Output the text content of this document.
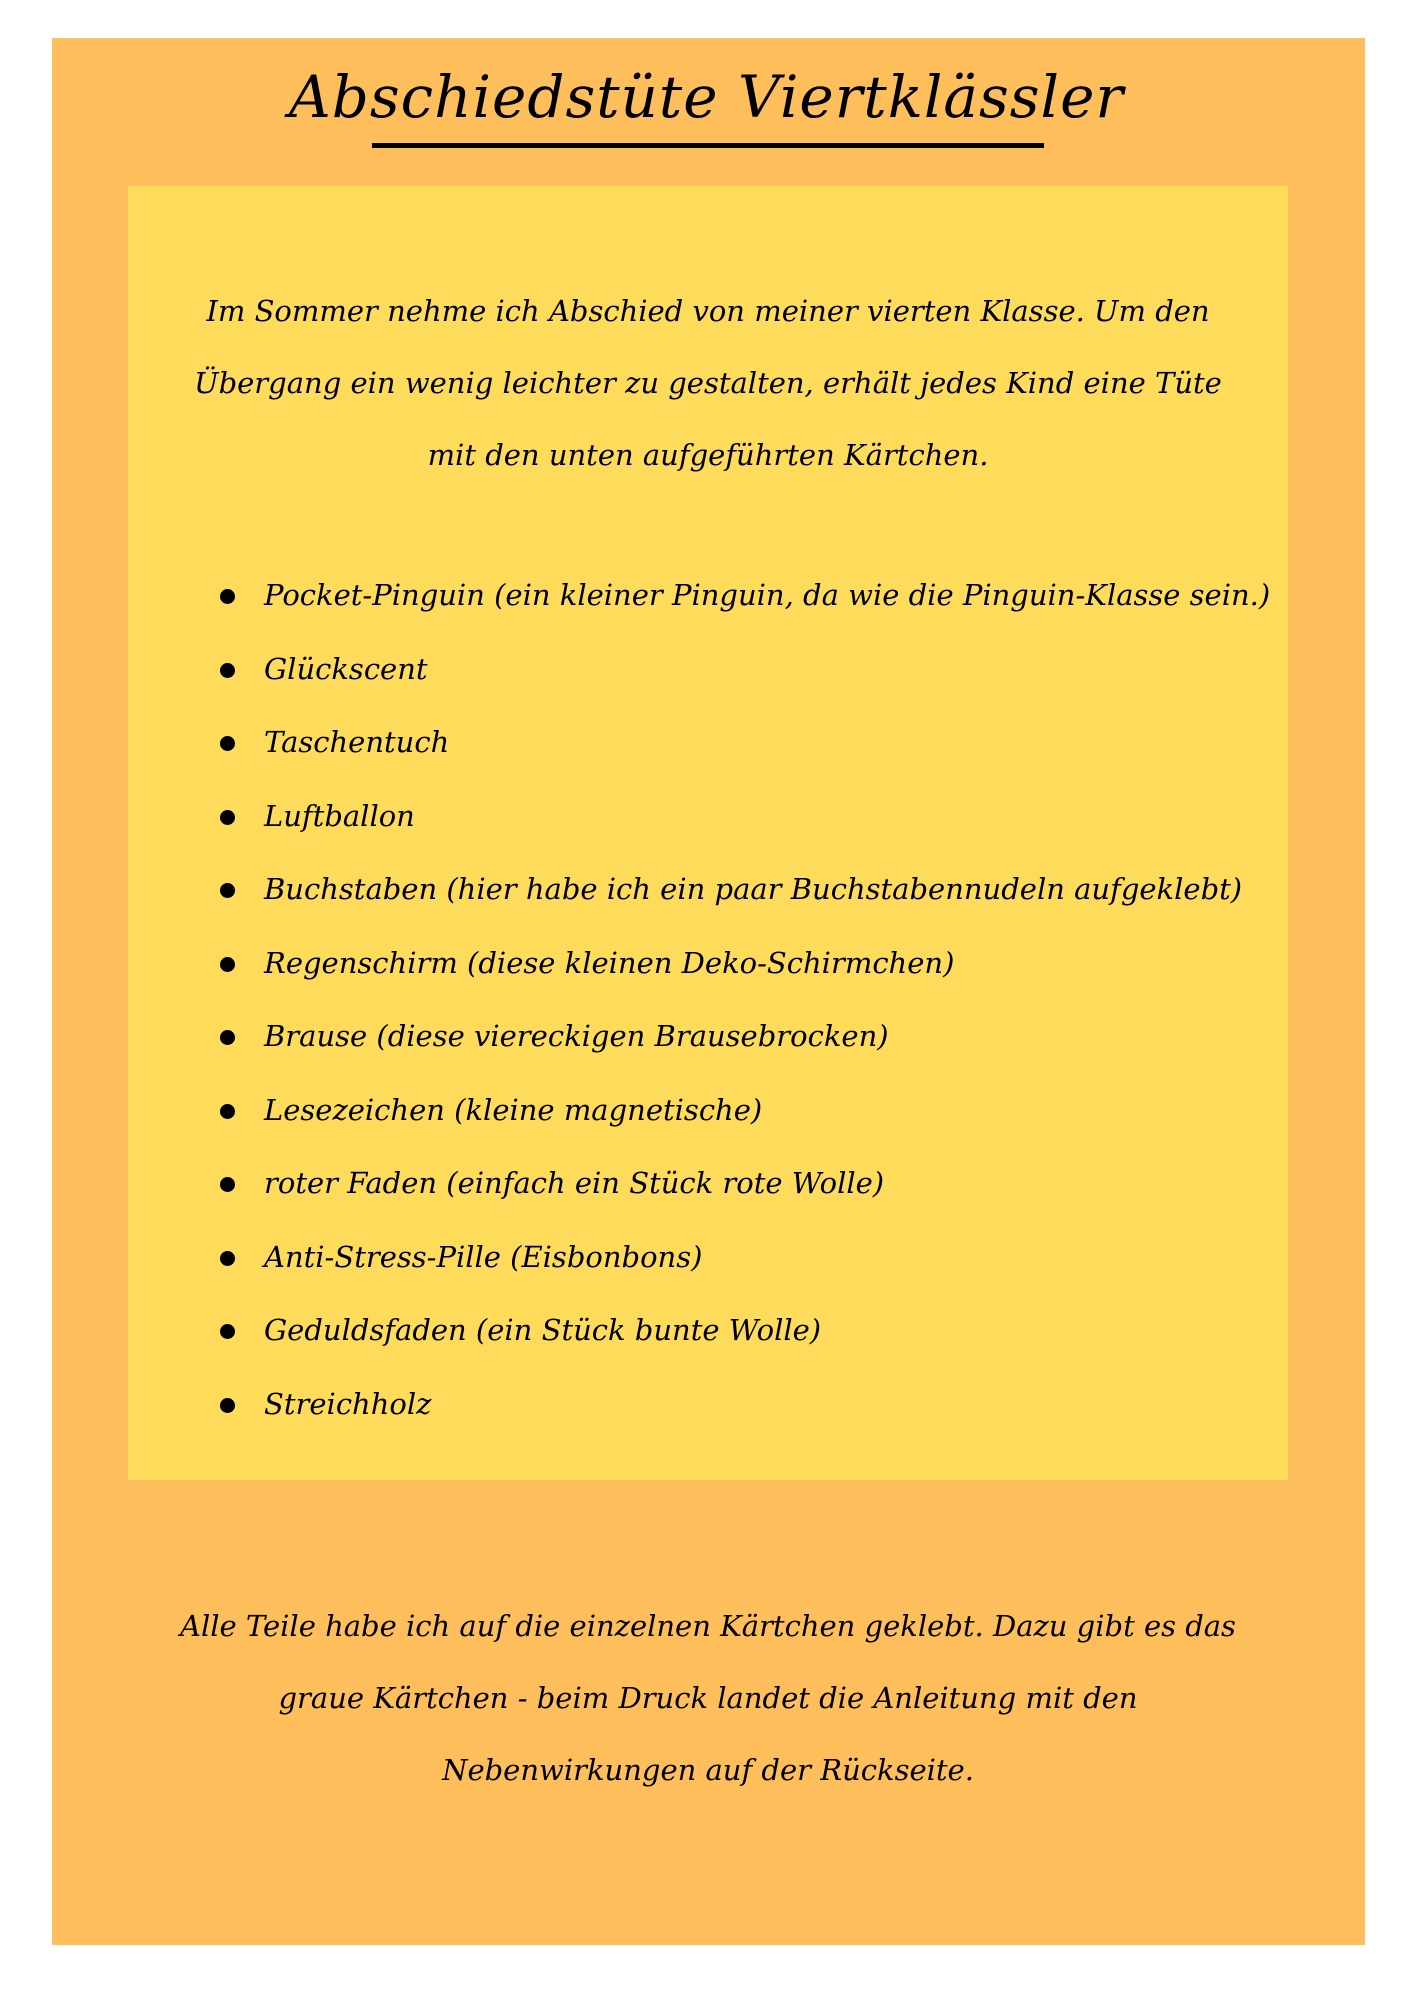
Abschiedstüte Viertklässler

Im Sommer nehme ich Abschied von meiner vierten Klasse. Um den Übergang ein wenig leichter zu gestalten, erhält jedes Kind eine Tüte mit den unten aufgeführten Kärtchen.

Pocket-Pinguin (ein kleiner Pinguin, da wie die Pinguin-Klasse sein.)
Glückscent
Taschentuch
Luftballon
Buchstaben (hier habe ich ein paar Buchstabennudeln aufgeklebt)
Regenschirm (diese kleinen Deko-Schirmchen)
Brause (diese viereckigen Brausebrocken)
Lesezeichen (kleine magnetische)
roter Faden (einfach ein Stück rote Wolle)
Anti-Stress-Pille (Eisbonbons)
Geduldsfaden (ein Stück bunte Wolle)
Streichholz

Alle Teile habe ich auf die einzelnen Kärtchen geklebt. Dazu gibt es das graue Kärtchen - beim Druck landet die Anleitung mit den Nebenwirkungen auf der Rückseite.
